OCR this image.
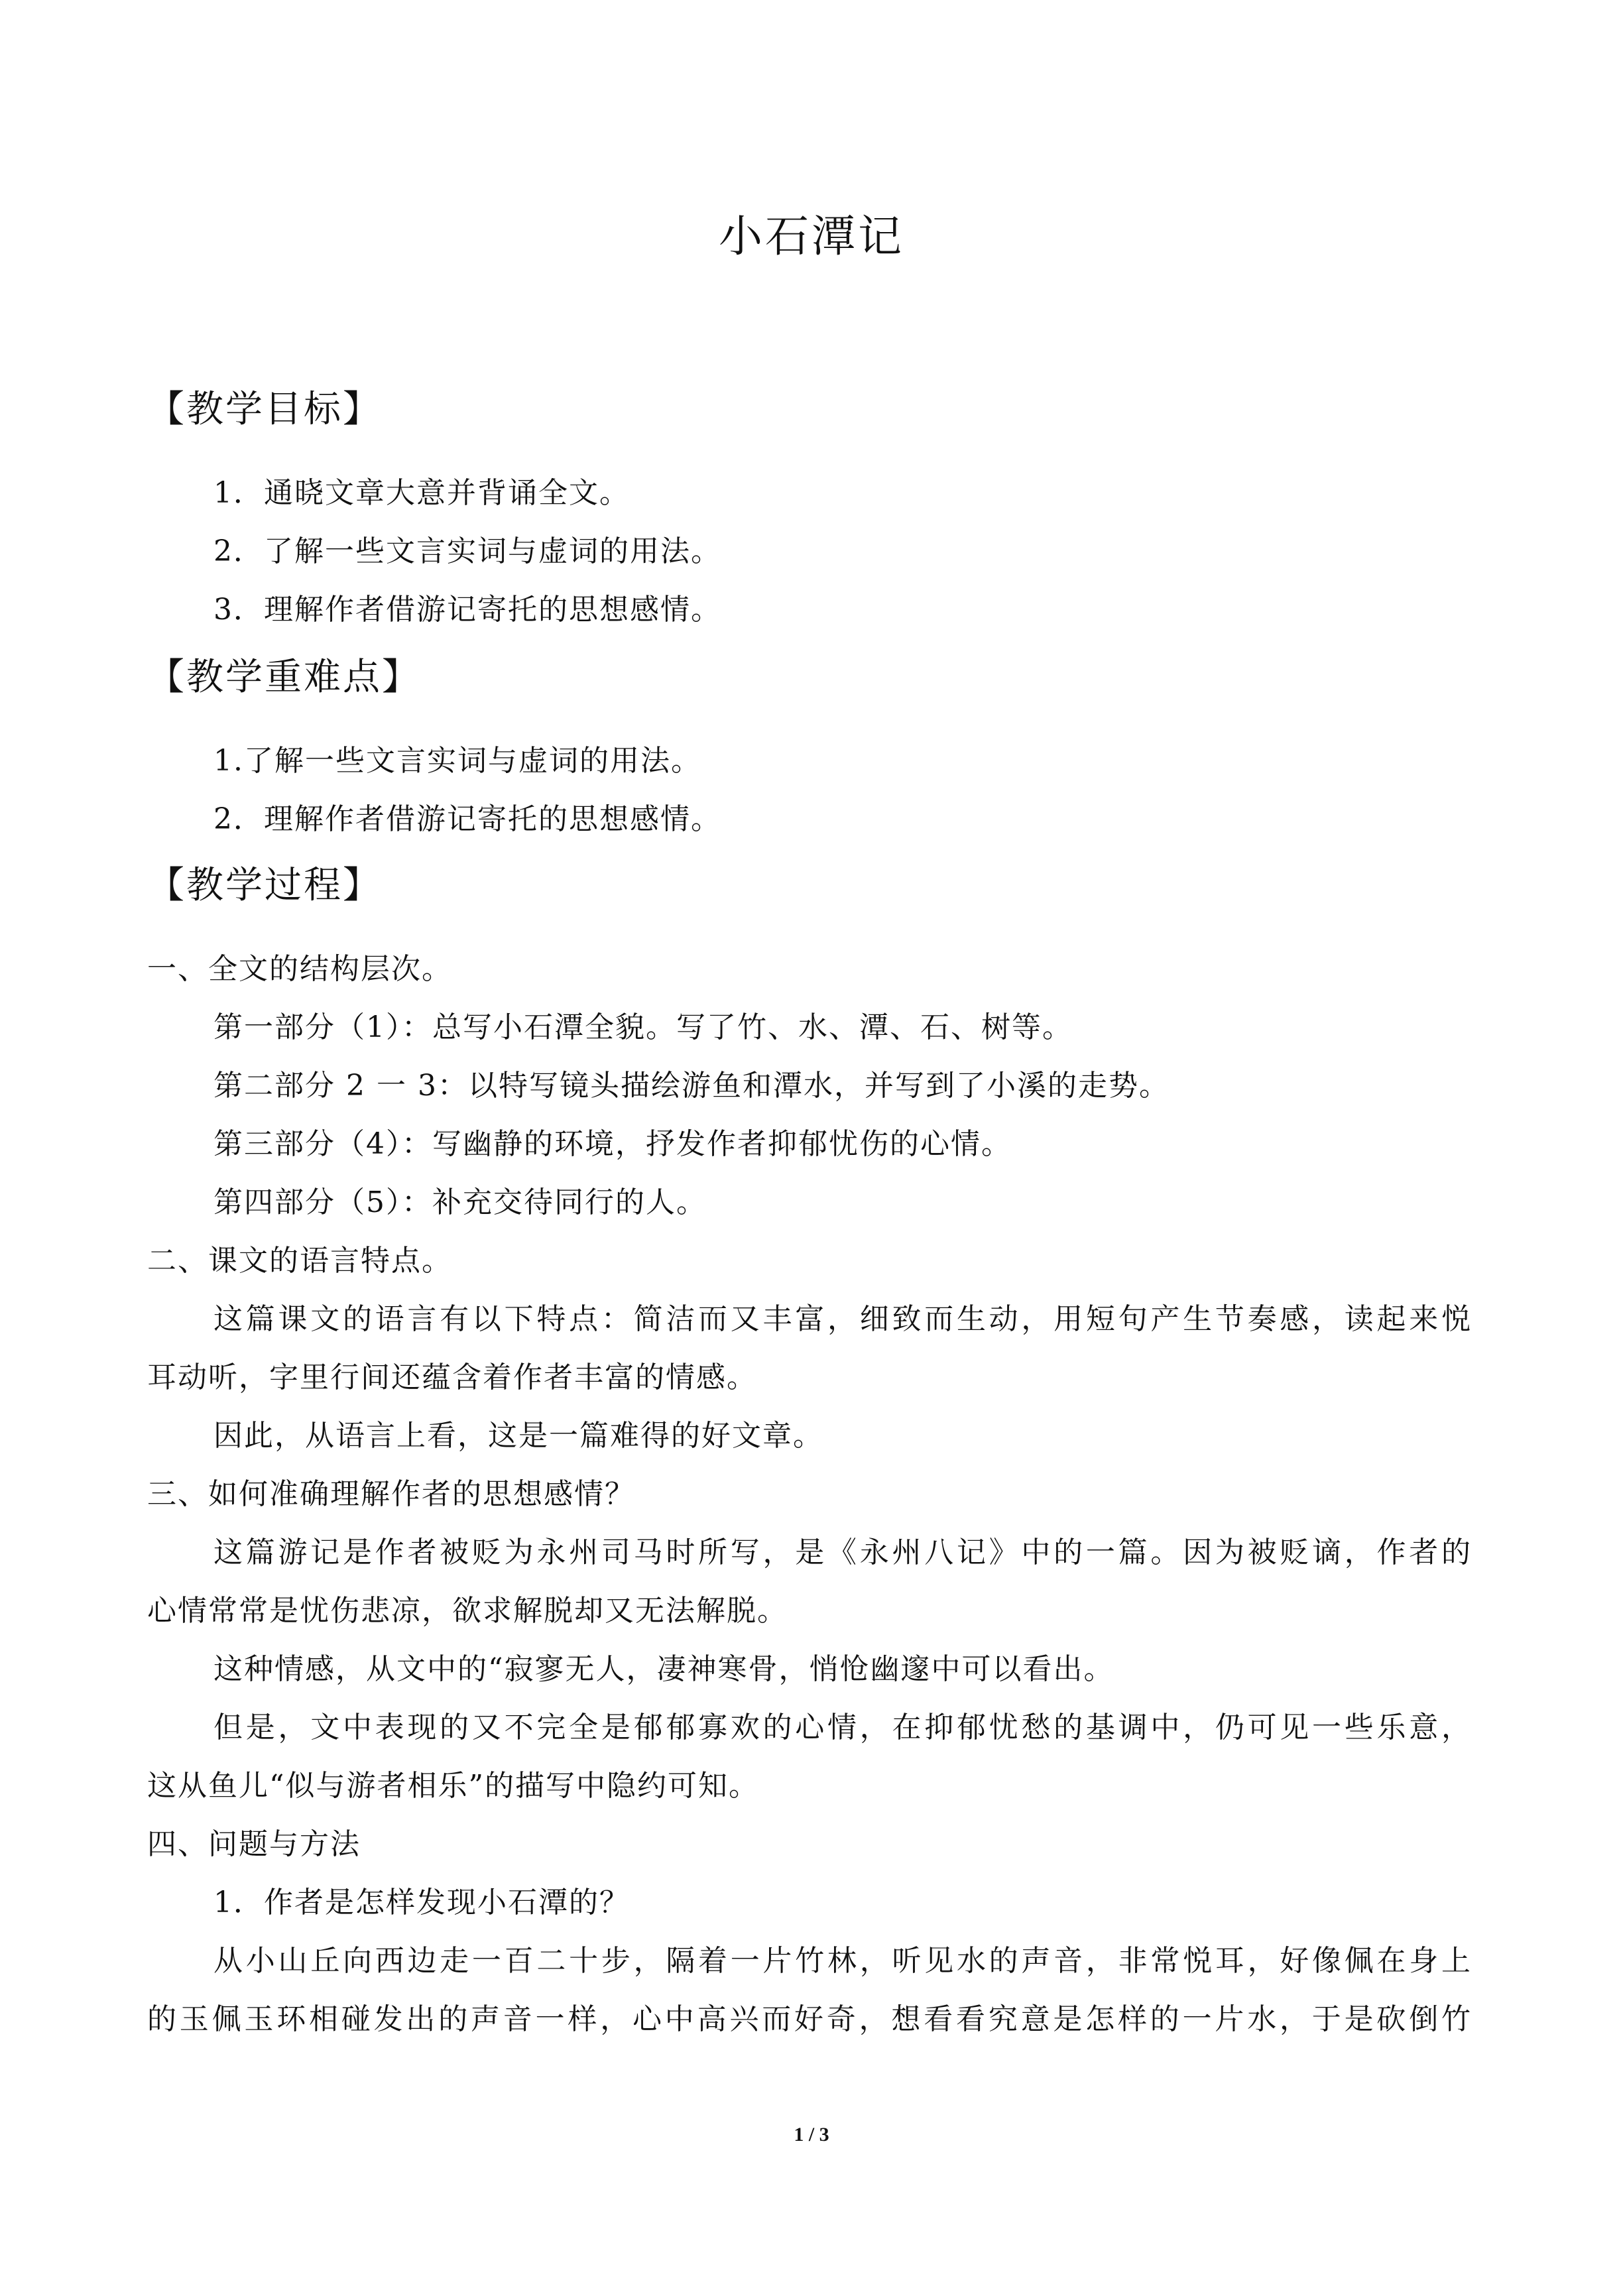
小石潭记
【教学目标】
1．通晓文章大意并背诵全文。
2．了解一些文言实词与虚词的用法。
3．理解作者借游记寄托的思想感情。
【教学重难点】
1.了解一些文言实词与虚词的用法。
2．理解作者借游记寄托的思想感情。
【教学过程】
一、全文的结构层次。
第一部分（1）：总写小石潭全貌。写了竹、水、潭、石、树等。
第二部分 2 一 3：以特写镜头描绘游鱼和潭水，并写到了小溪的走势。
第三部分（4）：写幽静的环境，抒发作者抑郁忧伤的心情。
第四部分（5）：补充交待同行的人。
二、课文的语言特点。
这篇课文的语言有以下特点：简洁而又丰富，细致而生动，用短句产生节奏感，读起来悦
耳动听，字里行间还蕴含着作者丰富的情感。
因此，从语言上看，这是一篇难得的好文章。
三、如何准确理解作者的思想感情？
这篇游记是作者被贬为永州司马时所写，是《永州八记》中的一篇。因为被贬谪，作者的
心情常常是忧伤悲凉，欲求解脱却又无法解脱。
这种情感，从文中的“寂寥无人，凄神寒骨，悄怆幽邃中可以看出。
但是，文中表现的又不完全是郁郁寡欢的心情，在抑郁忧愁的基调中，仍可见一些乐意，
这从鱼儿“似与游者相乐”的描写中隐约可知。
四、问题与方法
1．作者是怎样发现小石潭的？
从小山丘向西边走一百二十步，隔着一片竹林，听见水的声音，非常悦耳，好像佩在身上
的玉佩玉环相碰发出的声音一样，心中高兴而好奇，想看看究意是怎样的一片水，于是砍倒竹
1 / 3
